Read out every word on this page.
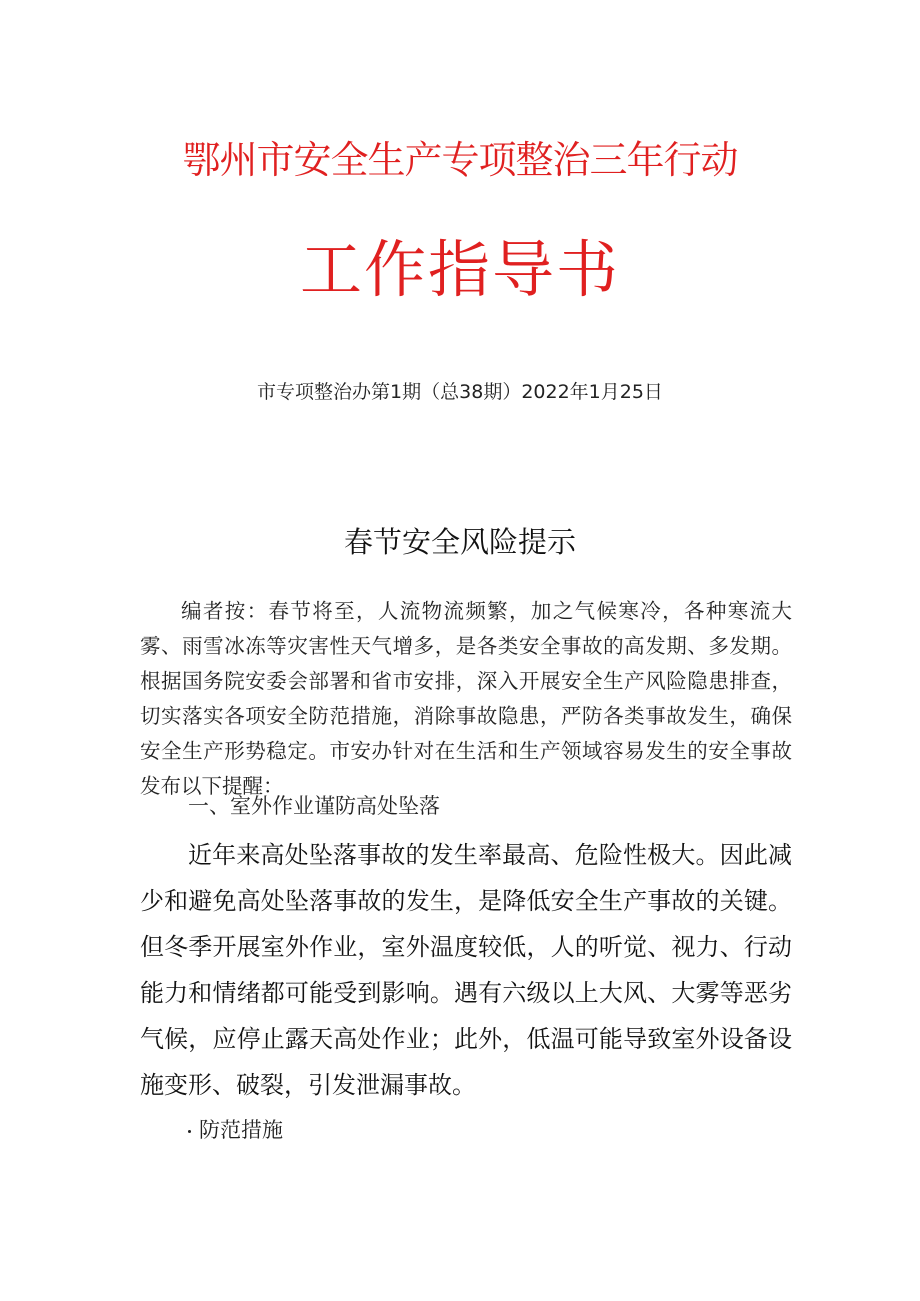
鄂州市安全生产专项整治三年行动
工作指导书
市专项整治办第1期（总38期）2022年1月25日
春节安全风险提示

编者按：春节将至，人流物流频繁，加之气候寒冷，各种寒流大雾、雨雪冰冻等灾害性天气增多，是各类安全事故的高发期、多发期。根据国务院安委会部署和省市安排，深入开展安全生产风险隐患排查，切实落实各项安全防范措施，消除事故隐患，严防各类事故发生，确保安全生产形势稳定。市安办针对在生活和生产领域容易发生的安全事故发布以下提醒：

一、室外作业谨防高处坠落

近年来高处坠落事故的发生率最高、危险性极大。因此减少和避免高处坠落事故的发生，是降低安全生产事故的关键。但冬季开展室外作业，室外温度较低，人的听觉、视力、行动能力和情绪都可能受到影响。遇有六级以上大风、大雾等恶劣气候，应停止露天高处作业；此外，低温可能导致室外设备设施变形、破裂，引发泄漏事故。

防范措施
